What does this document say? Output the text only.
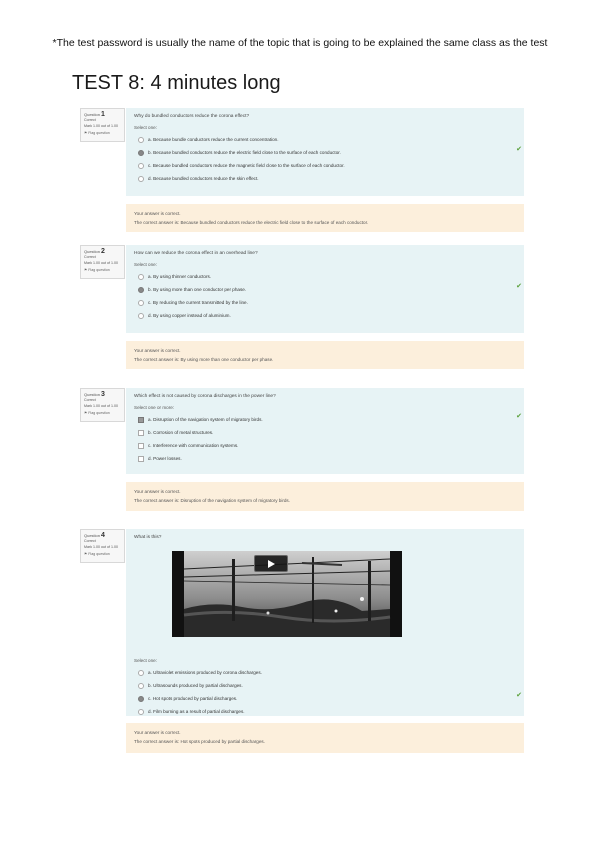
*The test password is usually the name of the topic that is going to be explained the same class as the test
TEST 8: 4 minutes long
Question 1
Correct
Mark 1.00 out of 1.00
⚑ Flag question
Why do bundled conductors reduce the corona effect?
Select one:
a. Because bundle conductors reduce the current concentration.
b. Because bundled conductors reduce the electric field close to the surface of each conductor.	✔
c. Because bundled conductors reduce the magnetic field close to the surface of each conductor.
d. Because bundled conductors reduce the skin effect.
Your answer is correct.
The correct answer is: Because bundled conductors reduce the electric field close to the surface of each conductor.
Question 2
Correct
Mark 1.00 out of 1.00
⚑ Flag question
How can we reduce the corona effect in an overhead line?
Select one:
a. By using thinner conductors.
b. By using more than one conductor per phase.	✔
c. By reducing the current transmitted by the line.
d. By using copper instead of aluminium.
Your answer is correct.
The correct answer is: By using more than one conductor per phase.
Question 3
Correct
Mark 1.00 out of 1.00
⚑ Flag question
Which effect is not caused by corona discharges in the power line?
Select one or more:
a. Disruption of the navigation system of migratory birds.	✔
b. Corrosion of metal structures.
c. Interference with communication systems.
d. Power losses.
Your answer is correct.
The correct answer is: Disruption of the navigation system of migratory birds.
Question 4
Correct
Mark 1.00 out of 1.00
⚑ Flag question
What is this?
Select one:
a. Ultraviolet emissions produced by corona discharges.
b. Ultrasounds produced by partial discharges.
c. Hot spots produced by partial discharges.	✔
d. Film burning as a result of partial discharges.
Your answer is correct.
The correct answer is: Hot spots produced by partial discharges.
